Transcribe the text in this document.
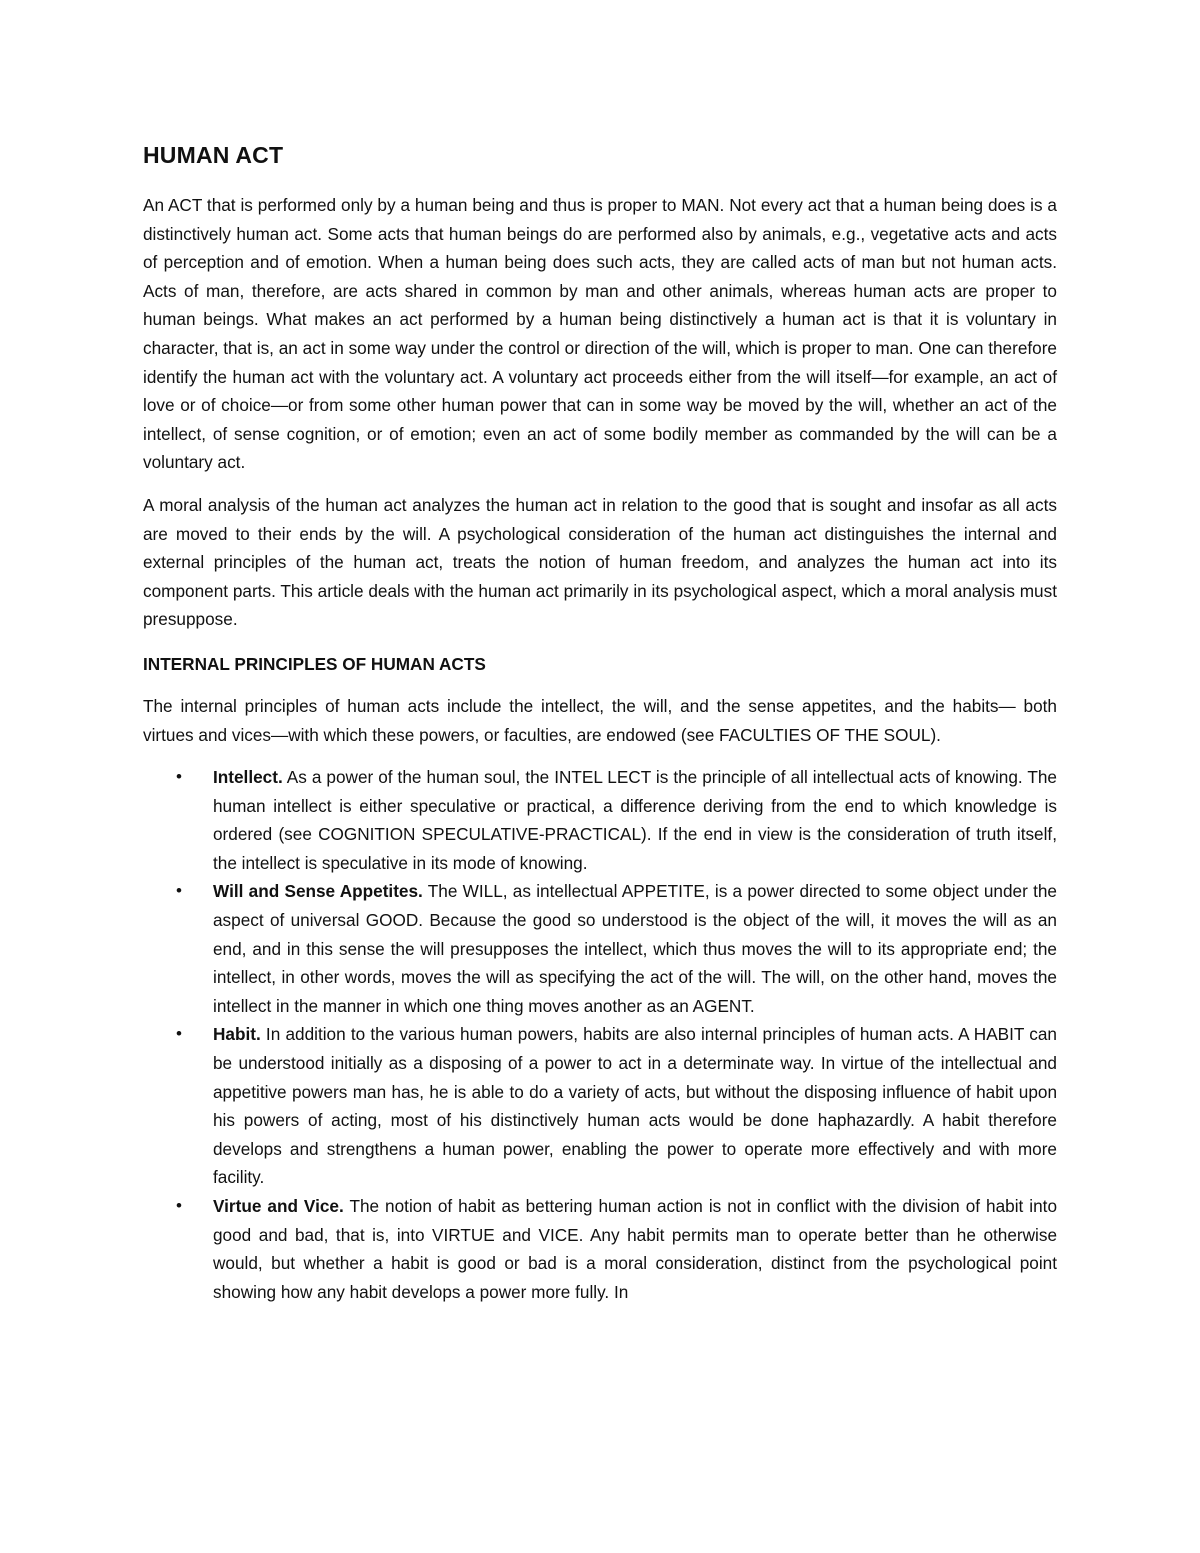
HUMAN ACT

An ACT that is performed only by a human being and thus is proper to MAN. Not every act that a human being does is a distinctively human act. Some acts that human beings do are performed also by animals, e.g., vegetative acts and acts of perception and of emotion. When a human being does such acts, they are called acts of man but not human acts. Acts of man, therefore, are acts shared in common by man and other animals, whereas human acts are proper to human beings. What makes an act performed by a human being distinctively a human act is that it is voluntary in character, that is, an act in some way under the control or direction of the will, which is proper to man. One can therefore identify the human act with the voluntary act. A voluntary act proceeds either from the will itself—for example, an act of love or of choice—or from some other human power that can in some way be moved by the will, whether an act of the intellect, of sense cognition, or of emotion; even an act of some bodily member as commanded by the will can be a voluntary act.

A moral analysis of the human act analyzes the human act in relation to the good that is sought and insofar as all acts are moved to their ends by the will. A psychological consideration of the human act distinguishes the internal and external principles of the human act, treats the notion of human freedom, and analyzes the human act into its component parts. This article deals with the human act primarily in its psychological aspect, which a moral analysis must presuppose.

INTERNAL PRINCIPLES OF HUMAN ACTS

The internal principles of human acts include the intellect, the will, and the sense appetites, and the habits— both virtues and vices—with which these powers, or faculties, are endowed (see FACULTIES OF THE SOUL).

• Intellect. As a power of the human soul, the INTEL LECT is the principle of all intellectual acts of knowing. The human intellect is either speculative or practical, a difference deriving from the end to which knowledge is ordered (see COGNITION SPECULATIVE-PRACTICAL). If the end in view is the consideration of truth itself, the intellect is speculative in its mode of knowing.
• Will and Sense Appetites. The WILL, as intellectual APPETITE, is a power directed to some object under the aspect of universal GOOD. Because the good so understood is the object of the will, it moves the will as an end, and in this sense the will presupposes the intellect, which thus moves the will to its appropriate end; the intellect, in other words, moves the will as specifying the act of the will. The will, on the other hand, moves the intellect in the manner in which one thing moves another as an AGENT.
• Habit. In addition to the various human powers, habits are also internal principles of human acts. A HABIT can be understood initially as a disposing of a power to act in a determinate way. In virtue of the intellectual and appetitive powers man has, he is able to do a variety of acts, but without the disposing influence of habit upon his powers of acting, most of his distinctively human acts would be done haphazardly. A habit therefore develops and strengthens a human power, enabling the power to operate more effectively and with more facility.
• Virtue and Vice. The notion of habit as bettering human action is not in conflict with the division of habit into good and bad, that is, into VIRTUE and VICE. Any habit permits man to operate better than he otherwise would, but whether a habit is good or bad is a moral consideration, distinct from the psychological point showing how any habit develops a power more fully. In
